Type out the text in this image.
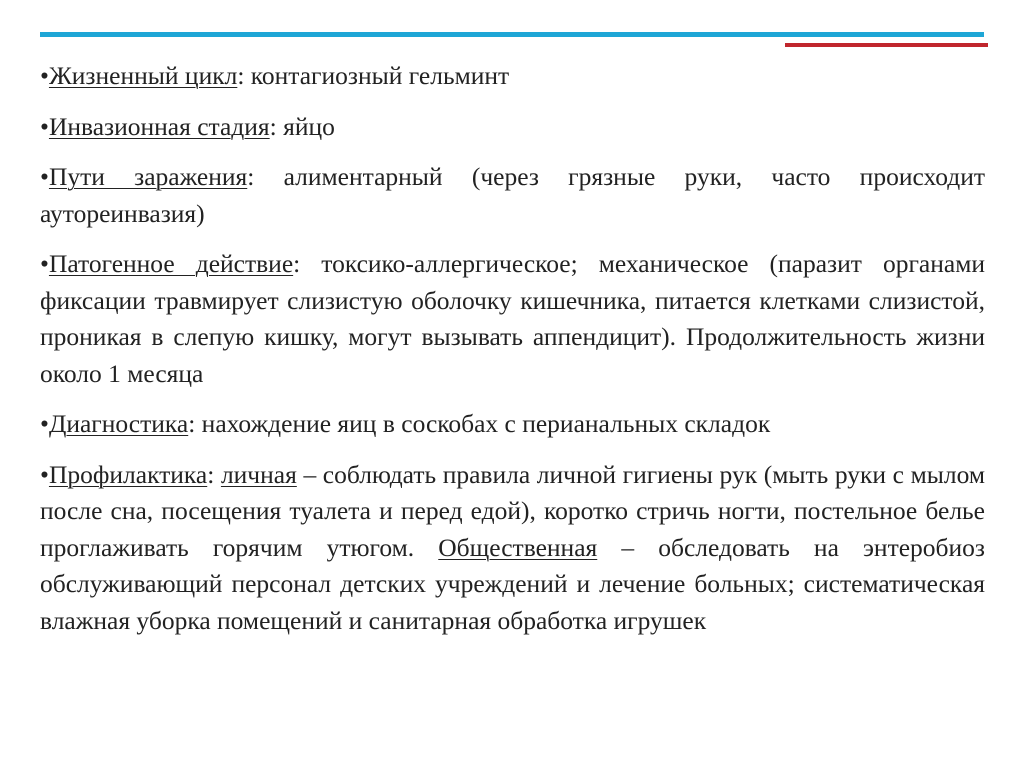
•Жизненный цикл: контагиозный гельминт

•Инвазионная стадия: яйцо

•Пути заражения: алиментарный (через грязные руки, часто происходит аутореинвазия)

•Патогенное действие: токсико-аллергическое; механическое (паразит органами фиксации травмирует слизистую оболочку кишечника, питается клетками слизистой, проникая в слепую кишку, могут вызывать аппендицит). Продолжительность жизни около 1 месяца

•Диагностика: нахождение яиц в соскобах с перианальных складок

•Профилактика: личная – соблюдать правила личной гигиены рук (мыть руки с мылом после сна, посещения туалета и перед едой), коротко стричь ногти, постельное белье проглаживать горячим утюгом. Общественная – обследовать на энтеробиоз обслуживающий персонал детских учреждений и лечение больных; систематическая влажная уборка помещений и санитарная обработка игрушек
